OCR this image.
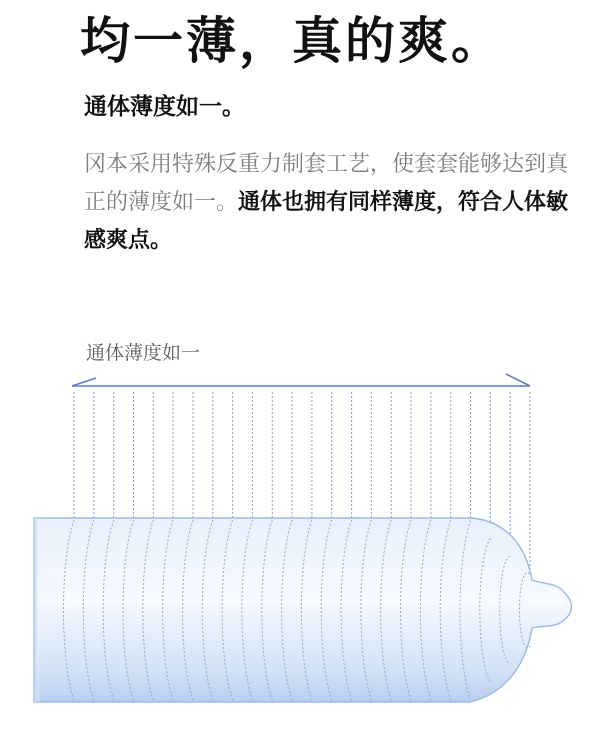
均一薄，真的爽。
通体薄度如一。

冈本采用特殊反重力制套工艺，使套套能够达到真正的薄度如一。通体也拥有同样薄度，符合人体敏感爽点。

通体薄度如一
